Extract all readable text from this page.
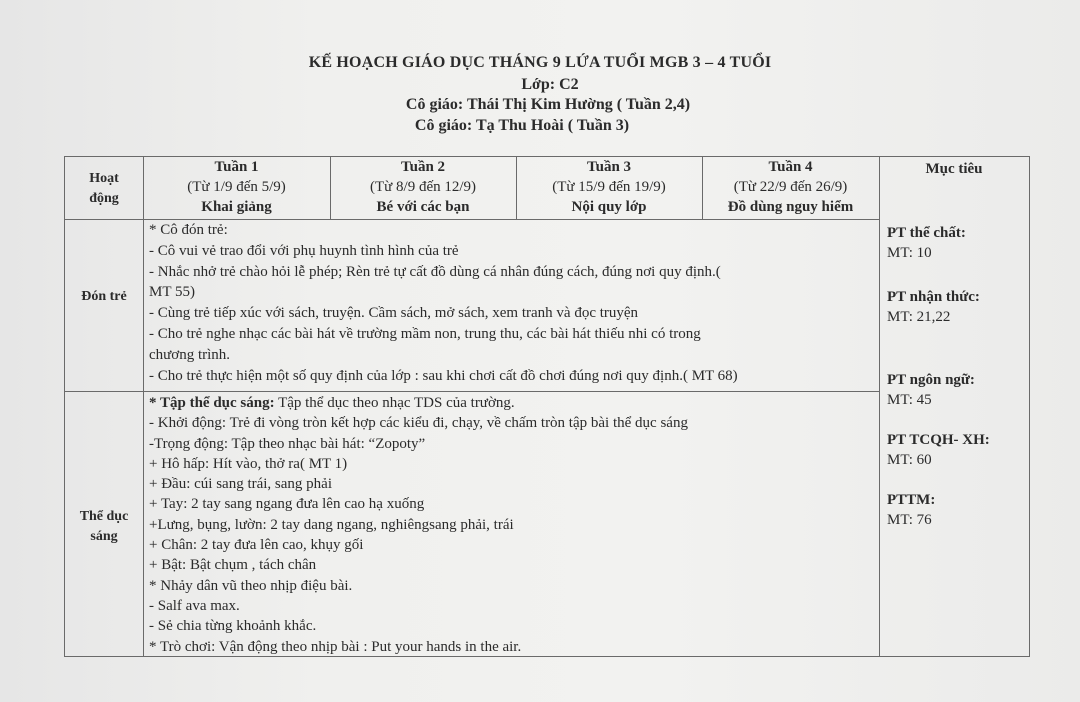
KẾ HOẠCH GIÁO DỤC THÁNG 9 LỨA TUỔI MGB 3 – 4 TUỔI
Lớp: C2
Cô giáo: Thái Thị Kim Hường ( Tuần 2,4)
Cô giáo: Tạ Thu Hoài ( Tuần 3)
Hoạt
động
Tuần 1
(Từ 1/9 đến 5/9)
Khai giảng
Tuần 2
(Từ 8/9 đến 12/9)
Bé với các bạn
Tuần 3
(Từ 15/9 đến 19/9)
Nội quy lớp
Tuần 4
(Từ 22/9 đến 26/9)
Đồ dùng nguy hiểm
Mục tiêu
Đón trẻ
Thể dục
sáng
* Cô đón trẻ:
- Cô vui vẻ trao đổi với phụ huynh tình hình của trẻ
- Nhắc nhở trẻ chào hỏi lễ phép; Rèn trẻ tự cất đồ dùng cá nhân đúng cách, đúng nơi quy định.(
MT 55)
- Cùng trẻ tiếp xúc với sách, truyện. Cầm sách, mở sách, xem tranh và đọc truyện
- Cho trẻ nghe nhạc các bài hát về trường mầm non, trung thu, các bài hát thiếu nhi có trong
chương trình.
- Cho trẻ thực hiện một số quy định của lớp : sau khi chơi cất đồ chơi đúng nơi quy định.( MT 68)
* Tập thể dục sáng: Tập thể dục theo nhạc TDS của trường.
- Khởi động: Trẻ đi vòng tròn kết hợp các kiểu đi, chạy, về chấm tròn tập bài thể dục sáng
-Trọng động: Tập theo nhạc bài hát: “Zopoty”
+ Hô hấp: Hít vào, thở ra( MT 1)
+ Đầu: cúi sang trái, sang phải
+ Tay: 2 tay sang ngang đưa lên cao hạ xuống
+Lưng, bụng, lườn: 2 tay dang ngang, nghiêngsang phải, trái
+ Chân: 2 tay đưa lên cao, khụy gối
+ Bật: Bật chụm , tách chân
* Nhảy dân vũ theo nhịp điệu bài.
- Salf ava max.
- Sẻ chia từng khoảnh khắc.
* Trò chơi: Vận động theo nhịp bài : Put your hands in the air.
PT thể chất:
MT: 10
PT nhận thức:
MT: 21,22
PT ngôn ngữ:
MT: 45
PT TCQH- XH:
MT: 60
PTTM:
MT: 76
